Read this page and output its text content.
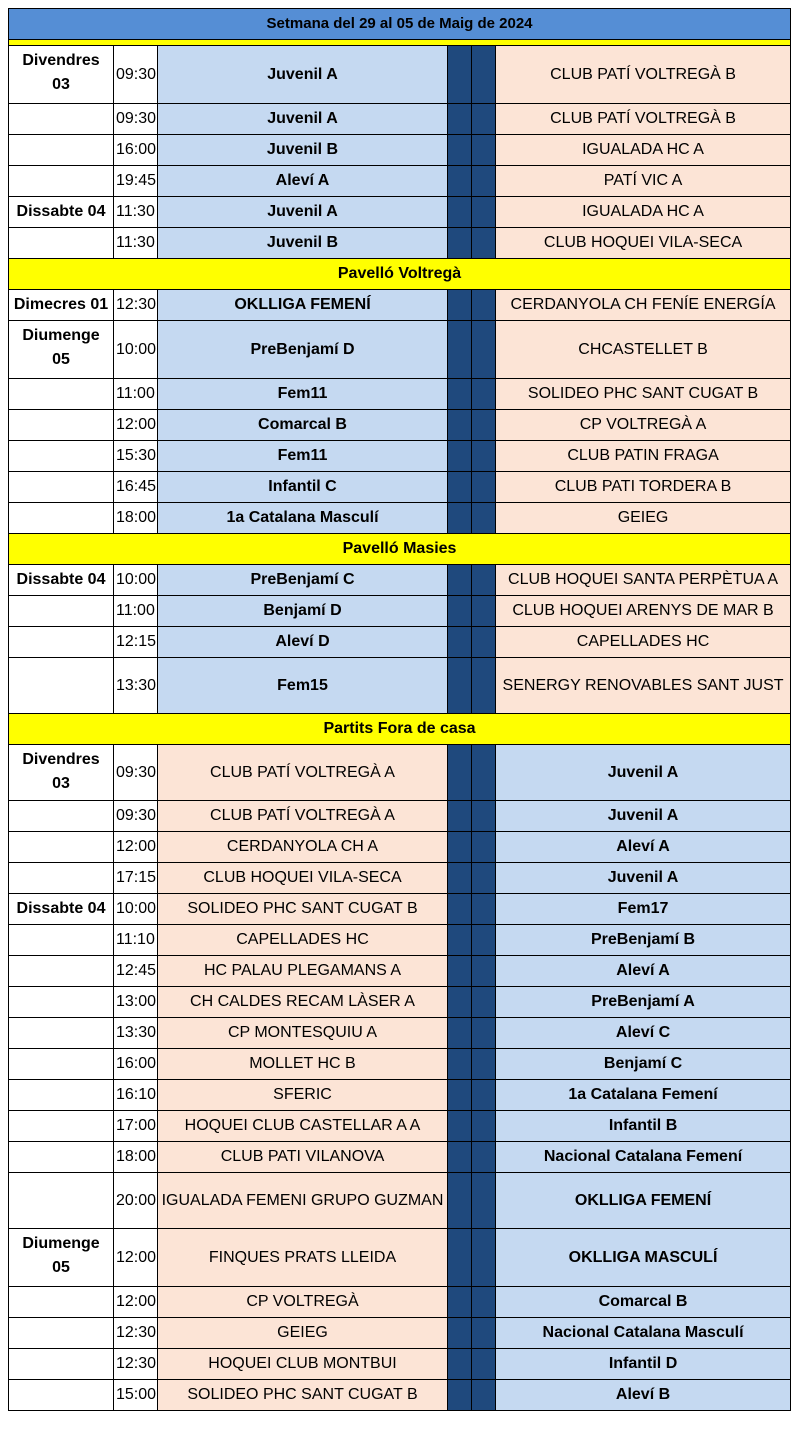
Setmana del 29 al 05 de Maig de 2024					

Divendres 03	09:30	Juvenil A			CLUB PATÍ VOLTREGÀ B
	09:30	Juvenil A			CLUB PATÍ VOLTREGÀ B
	16:00	Juvenil B			IGUALADA HC A
	19:45	Aleví A			PATÍ VIC A
Dissabte 04	11:30	Juvenil A			IGUALADA HC A
	11:30	Juvenil B			CLUB HOQUEI VILA-SECA
Pavelló Voltregà					
Dimecres 01	12:30	OKLLIGA FEMENÍ			CERDANYOLA CH FENÍE ENERGÍA
Diumenge 05	10:00	PreBenjamí D			CHCASTELLET B
	11:00	Fem11			SOLIDEO PHC SANT CUGAT B
	12:00	Comarcal B			CP VOLTREGÀ A
	15:30	Fem11			CLUB PATIN FRAGA
	16:45	Infantil C			CLUB PATI TORDERA B
	18:00	1a Catalana Masculí			GEIEG
Pavelló Masies					
Dissabte 04	10:00	PreBenjamí C			CLUB HOQUEI SANTA PERPÈTUA A
	11:00	Benjamí D			CLUB HOQUEI ARENYS DE MAR B
	12:15	Aleví D			CAPELLADES HC
	13:30	Fem15			SENERGY RENOVABLES SANT JUST
Partits Fora de casa					
Divendres 03	09:30	CLUB PATÍ VOLTREGÀ A			Juvenil A
	09:30	CLUB PATÍ VOLTREGÀ A			Juvenil A
	12:00	CERDANYOLA CH A			Aleví A
	17:15	CLUB HOQUEI VILA-SECA			Juvenil A
Dissabte 04	10:00	SOLIDEO PHC SANT CUGAT B			Fem17
	11:10	CAPELLADES HC			PreBenjamí B
	12:45	HC PALAU PLEGAMANS A			Aleví A
	13:00	CH CALDES RECAM LÀSER A			PreBenjamí A
	13:30	CP MONTESQUIU A			Aleví C
	16:00	MOLLET HC B			Benjamí C
	16:10	SFERIC			1a Catalana Femení
	17:00	HOQUEI CLUB CASTELLAR A A			Infantil B
	18:00	CLUB PATI VILANOVA			Nacional Catalana Femení
	20:00	IGUALADA FEMENI GRUPO GUZMAN			OKLLIGA FEMENÍ
Diumenge 05	12:00	FINQUES PRATS LLEIDA			OKLLIGA MASCULÍ
	12:00	CP VOLTREGÀ			Comarcal B
	12:30	GEIEG			Nacional Catalana Masculí
	12:30	HOQUEI CLUB MONTBUI			Infantil D
	15:00	SOLIDEO PHC SANT CUGAT B			Aleví B
